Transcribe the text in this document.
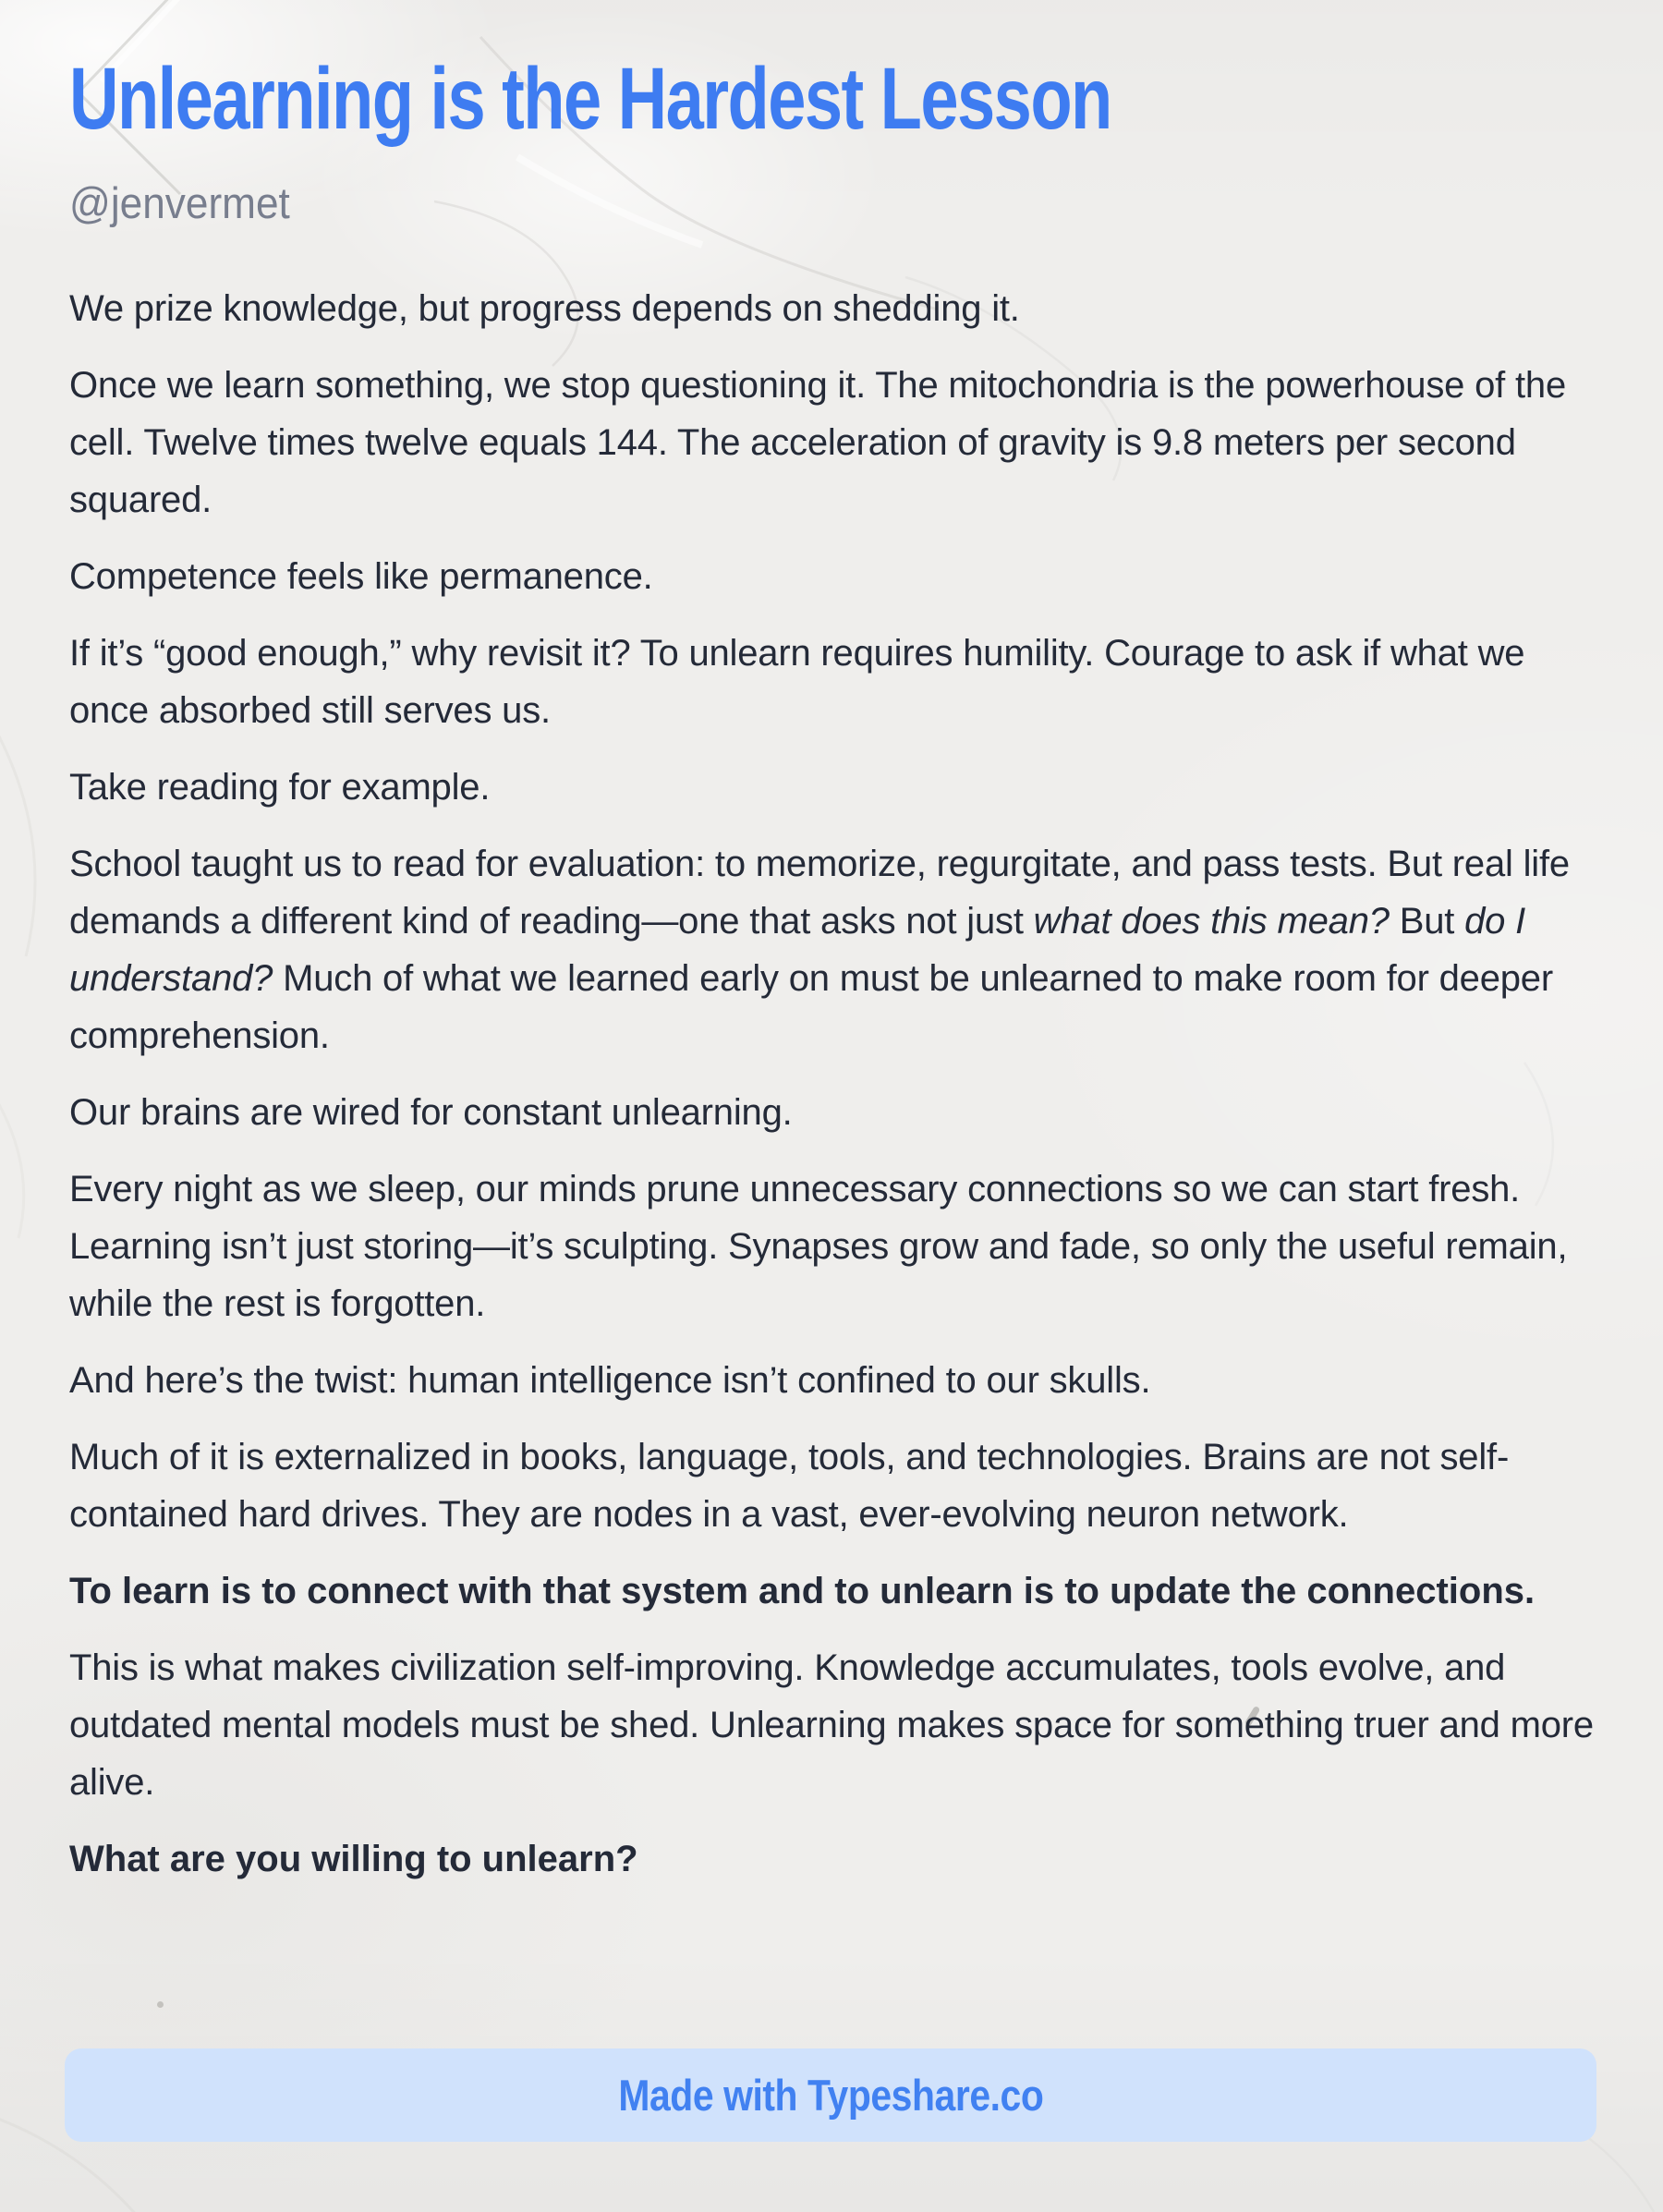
Unlearning is the Hardest Lesson
@jenvermet

We prize knowledge, but progress depends on shedding it.

Once we learn something, we stop questioning it. The mitochondria is the powerhouse of the cell. Twelve times twelve equals 144. The acceleration of gravity is 9.8 meters per second squared.

Competence feels like permanence.

If it’s “good enough,” why revisit it? To unlearn requires humility. Courage to ask if what we once absorbed still serves us.

Take reading for example.

School taught us to read for evaluation: to memorize, regurgitate, and pass tests. But real life demands a different kind of reading—one that asks not just what does this mean? But do I understand? Much of what we learned early on must be unlearned to make room for deeper comprehension.

Our brains are wired for constant unlearning.

Every night as we sleep, our minds prune unnecessary connections so we can start fresh. Learning isn’t just storing—it’s sculpting. Synapses grow and fade, so only the useful remain, while the rest is forgotten.

And here’s the twist: human intelligence isn’t confined to our skulls.

Much of it is externalized in books, language, tools, and technologies. Brains are not self-contained hard drives. They are nodes in a vast, ever-evolving neuron network.

To learn is to connect with that system and to unlearn is to update the connections.

This is what makes civilization self-improving. Knowledge accumulates, tools evolve, and outdated mental models must be shed. Unlearning makes space for something truer and more alive.

What are you willing to unlearn?

Made with Typeshare.co
